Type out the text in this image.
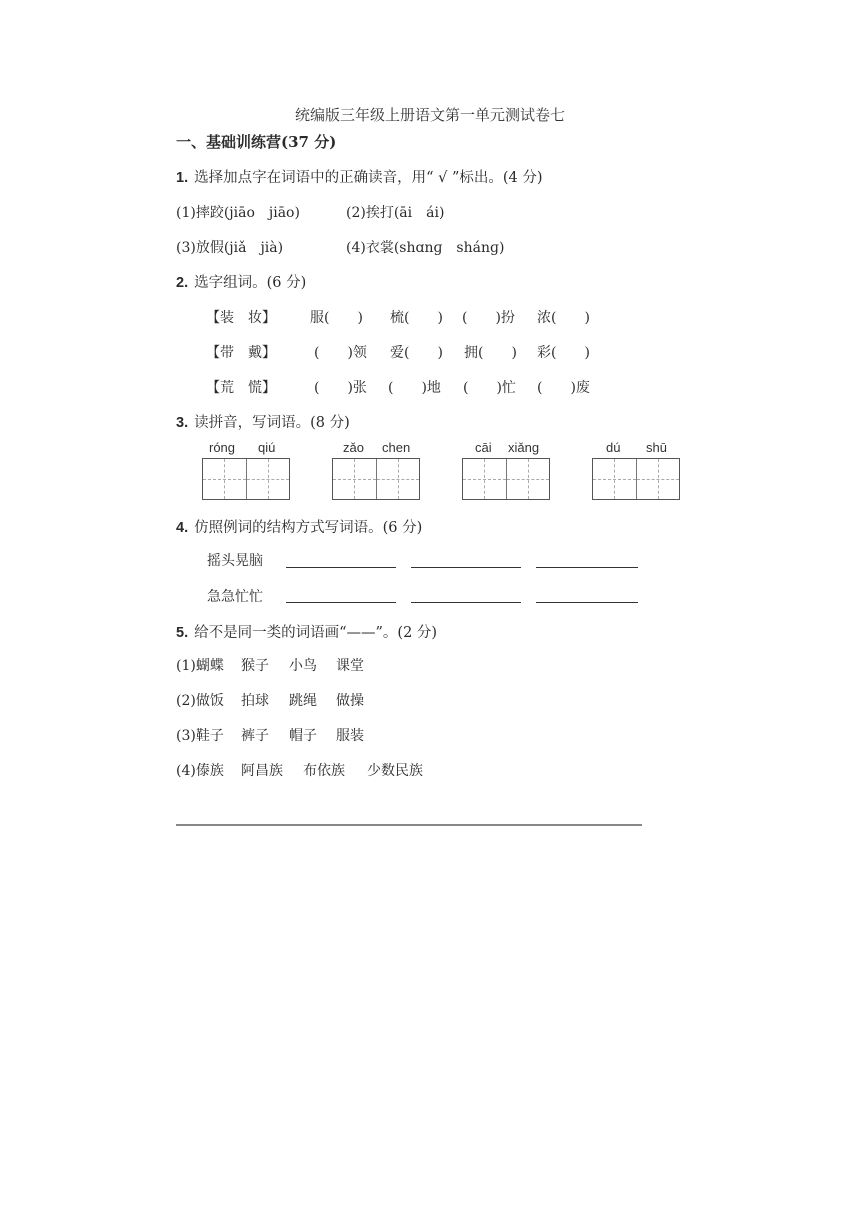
统编版三年级上册语文第一单元测试卷七
一、基础训练营(37 分)
1. 选择加点字在词语中的正确读音，用“ √ ”标出。(4 分)
(1)摔跤(jiāo　jiāo)	(2)挨打(āi　ái)
(3)放假(jiǎ　jià)	(4)衣裳(shɑnɡ　shánɡ)
2. 选字组词。(6 分)
【装　妆】 服(　　) 梳(　　) (　　)扮 浓(　　)
【带　戴】	(　　)领 爱(　　) 拥(　　) 彩(　　)
【荒　慌】	(　　)张 (　　)地 (　　)忙 (　　)废
3. 读拼音，写词语。(8 分)
rónɡ qiú	zǎo chen	cāi xiǎnɡ	dú shū
4. 仿照例词的结构方式写词语。(6 分)
摇头晃脑
急急忙忙
5. 给不是同一类的词语画“——”。(2 分)
(1)蝴蝶 猴子 小鸟 课堂
(2)做饭 拍球 跳绳 做操
(3)鞋子 裤子 帽子 服装
(4)傣族 阿昌族 布依族 少数民族
